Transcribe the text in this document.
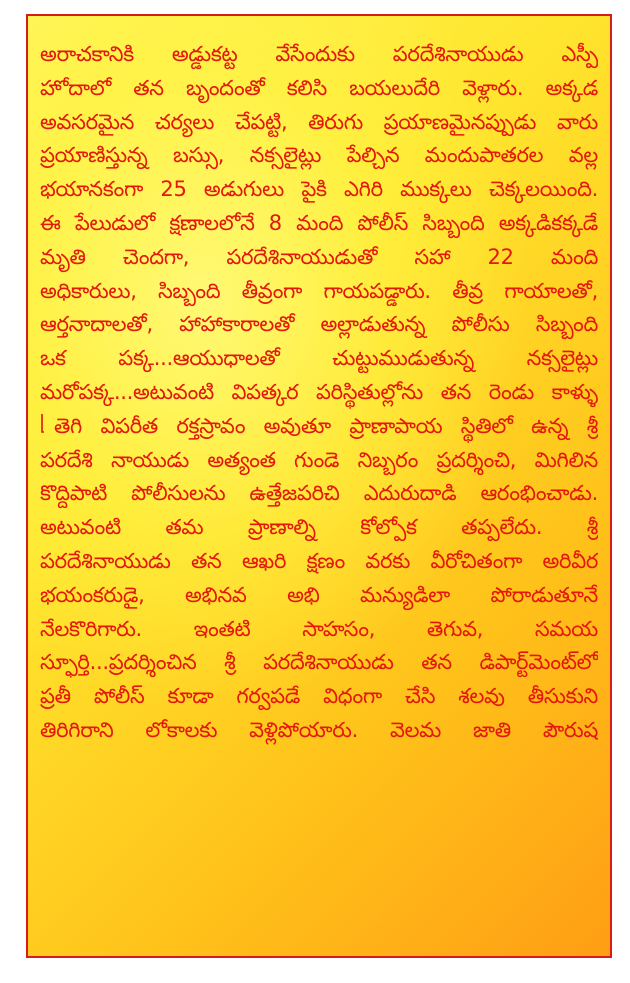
అరాచకానికి అడ్డుకట్ట వేసేందుకు పరదేశినాయుడు ఎస్పీ
హోదాలో తన బృందంతో కలిసి బయలుదేరి వెళ్లారు. అక్కడ
అవసరమైన చర్యలు చేపట్టి, తిరుగు ప్రయాణమైనప్పుడు వారు
ప్రయాణిస్తున్న బస్సు, నక్సలైట్లు పేల్చిన మందుపాతరల వల్ల
భయానకంగా 25 అడుగులు పైకి ఎగిరి ముక్కలు చెక్కలయింది.
ఈ పేలుడులో క్షణాలలోనే 8 మంది పోలీస్ సిబ్బంది అక్కడికక్కడే
మృతి చెందగా, పరదేశినాయుడుతో సహా 22 మంది
అధికారులు, సిబ్బంది తీవ్రంగా గాయపడ్డారు. తీవ్ర గాయాలతో,
ఆర్తనాదాలతో, హాహాకారాలతో అల్లాడుతున్న పోలీసు సిబ్బంది
ఒక పక్క...ఆయుధాలతో చుట్టుముడుతున్న నక్సలైట్లు
మరోపక్క...అటువంటి విపత్కర పరిస్థితుల్లోను తన రెండు కాళ్ళు
తెగి విపరీత రక్తస్రావం అవుతూ ప్రాణాపాయ స్థితిలో ఉన్న శ్రీ
పరదేశి నాయుడు అత్యంత గుండె నిబ్బరం ప్రదర్శించి, మిగిలిన
కొద్దిపాటి పోలీసులను ఉత్తేజపరిచి ఎదురుదాడి ఆరంభించాడు.
అటువంటి తమ ప్రాణాల్ని కోల్పోక తప్పలేదు. శ్రీ
పరదేశినాయుడు తన ఆఖరి క్షణం వరకు వీరోచితంగా అరివీర
భయంకరుడై, అభినవ అభి మన్యుడిలా పోరాడుతూనే
నేలకొరిగారు. ఇంతటి సాహసం, తెగువ, సమయ
స్ఫూర్తి...ప్రదర్శించిన శ్రీ పరదేశినాయుడు తన డిపార్ట్‌మెంట్‌లో
ప్రతీ పోలీస్ కూడా గర్వపడే విధంగా చేసి శలవు తీసుకుని
తిరిగిరాని లోకాలకు వెళ్లిపోయారు. వెలమ జాతి పౌరుష
